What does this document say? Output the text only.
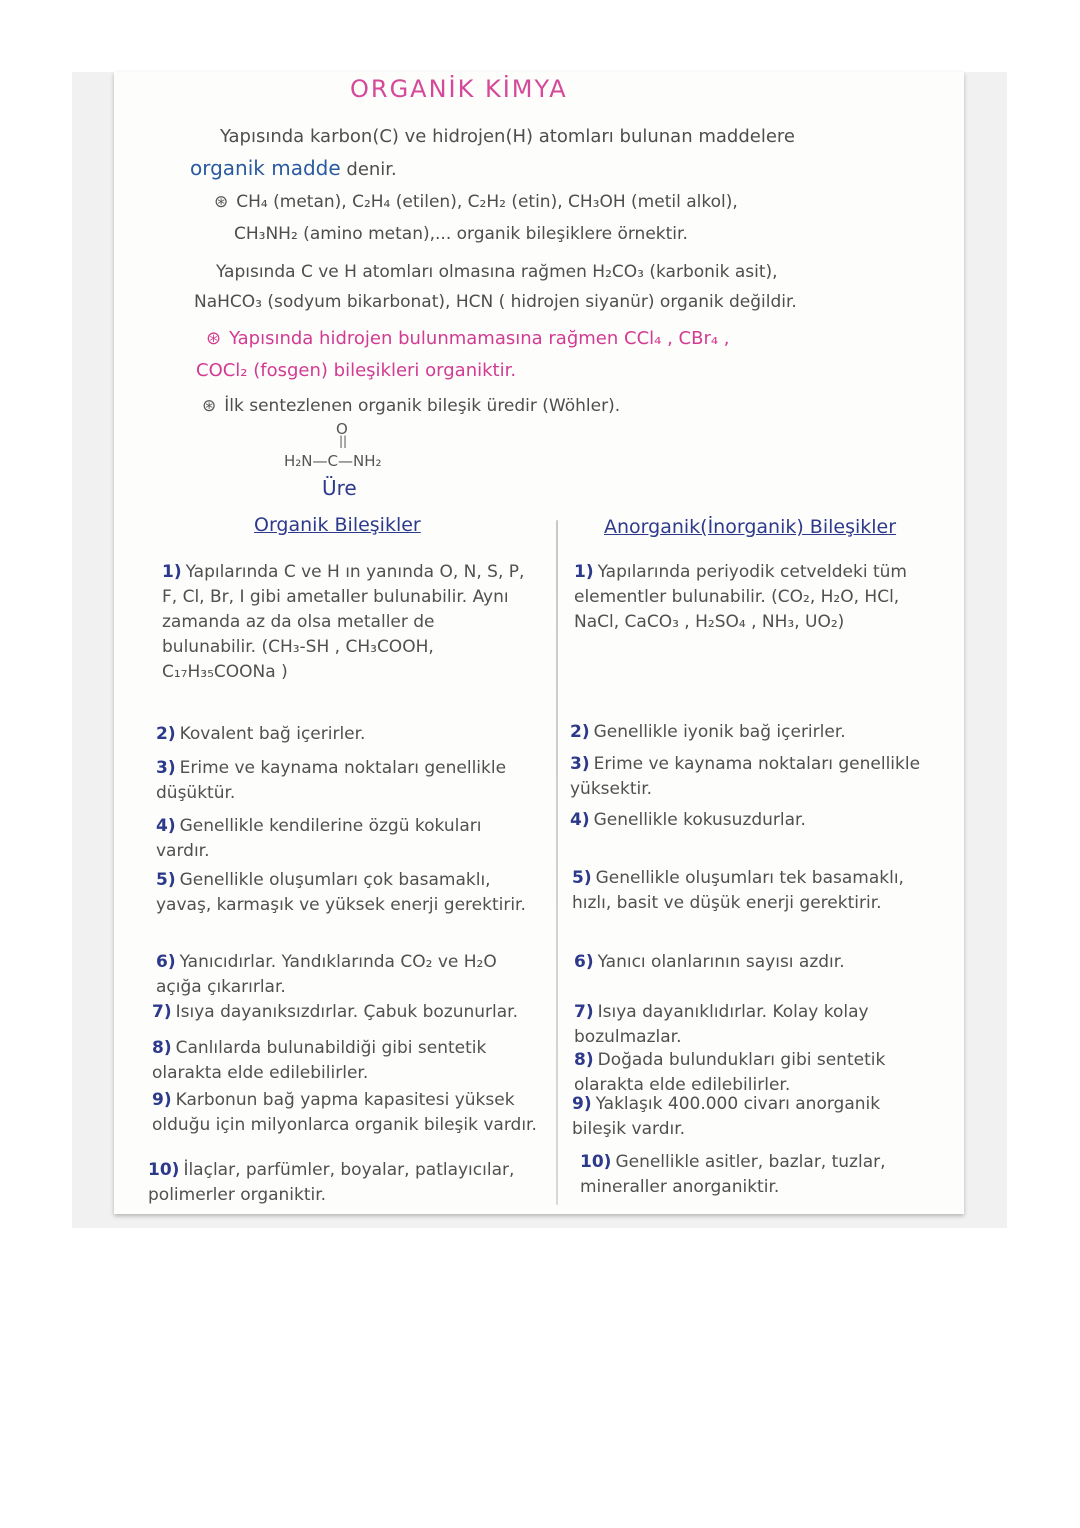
ORGANİK KİMYA
Yapısında karbon(C) ve hidrojen(H) atomları bulunan maddelere
organik madde denir.
⊛ CH₄ (metan), C₂H₄ (etilen), C₂H₂ (etin), CH₃OH (metil alkol),
CH₃NH₂ (amino metan),... organik bileşiklere örnektir.
Yapısında C ve H atomları olmasına rağmen H₂CO₃ (karbonik asit),
NaHCO₃ (sodyum bikarbonat), HCN ( hidrojen siyanür) organik değildir.
⊛ Yapısında hidrojen bulunmamasına rağmen CCl₄ , CBr₄ ,
COCl₂ (fosgen) bileşikleri organiktir.
⊛ İlk sentezlenen organik bileşik üredir (Wöhler).
O
||
H₂N—C—NH₂
Üre
Organik Bileşikler	Anorganik(İnorganik) Bileşikler
1) Yapılarında C ve H ın yanında O, N, S, P, F, Cl, Br, I gibi ametaller bulunabilir. Aynı zamanda az da olsa metaller de bulunabilir. (CH₃-SH , CH₃COOH, C₁₇H₃₅COONa )
2) Kovalent bağ içerirler.
3) Erime ve kaynama noktaları genellikle düşüktür.
4) Genellikle kendilerine özgü kokuları vardır.
5) Genellikle oluşumları çok basamaklı, yavaş, karmaşık ve yüksek enerji gerektirir.
6) Yanıcıdırlar. Yandıklarında CO₂ ve H₂O açığa çıkarırlar.
7) Isıya dayanıksızdırlar. Çabuk bozunurlar.
8) Canlılarda bulunabildiği gibi sentetik olarakta elde edilebilirler.
9) Karbonun bağ yapma kapasitesi yüksek olduğu için milyonlarca organik bileşik vardır.
10) İlaçlar, parfümler, boyalar, patlayıcılar, polimerler organiktir.
1) Yapılarında periyodik cetveldeki tüm elementler bulunabilir. (CO₂, H₂O, HCl, NaCl, CaCO₃ , H₂SO₄ , NH₃, UO₂)
2) Genellikle iyonik bağ içerirler.
3) Erime ve kaynama noktaları genellikle yüksektir.
4) Genellikle kokusuzdurlar.
5) Genellikle oluşumları tek basamaklı, hızlı, basit ve düşük enerji gerektirir.
6) Yanıcı olanlarının sayısı azdır.
7) Isıya dayanıklıdırlar. Kolay kolay bozulmazlar.
8) Doğada bulundukları gibi sentetik olarakta elde edilebilirler.
9) Yaklaşık 400.000 civarı anorganik bileşik vardır.
10) Genellikle asitler, bazlar, tuzlar, mineraller anorganiktir.
